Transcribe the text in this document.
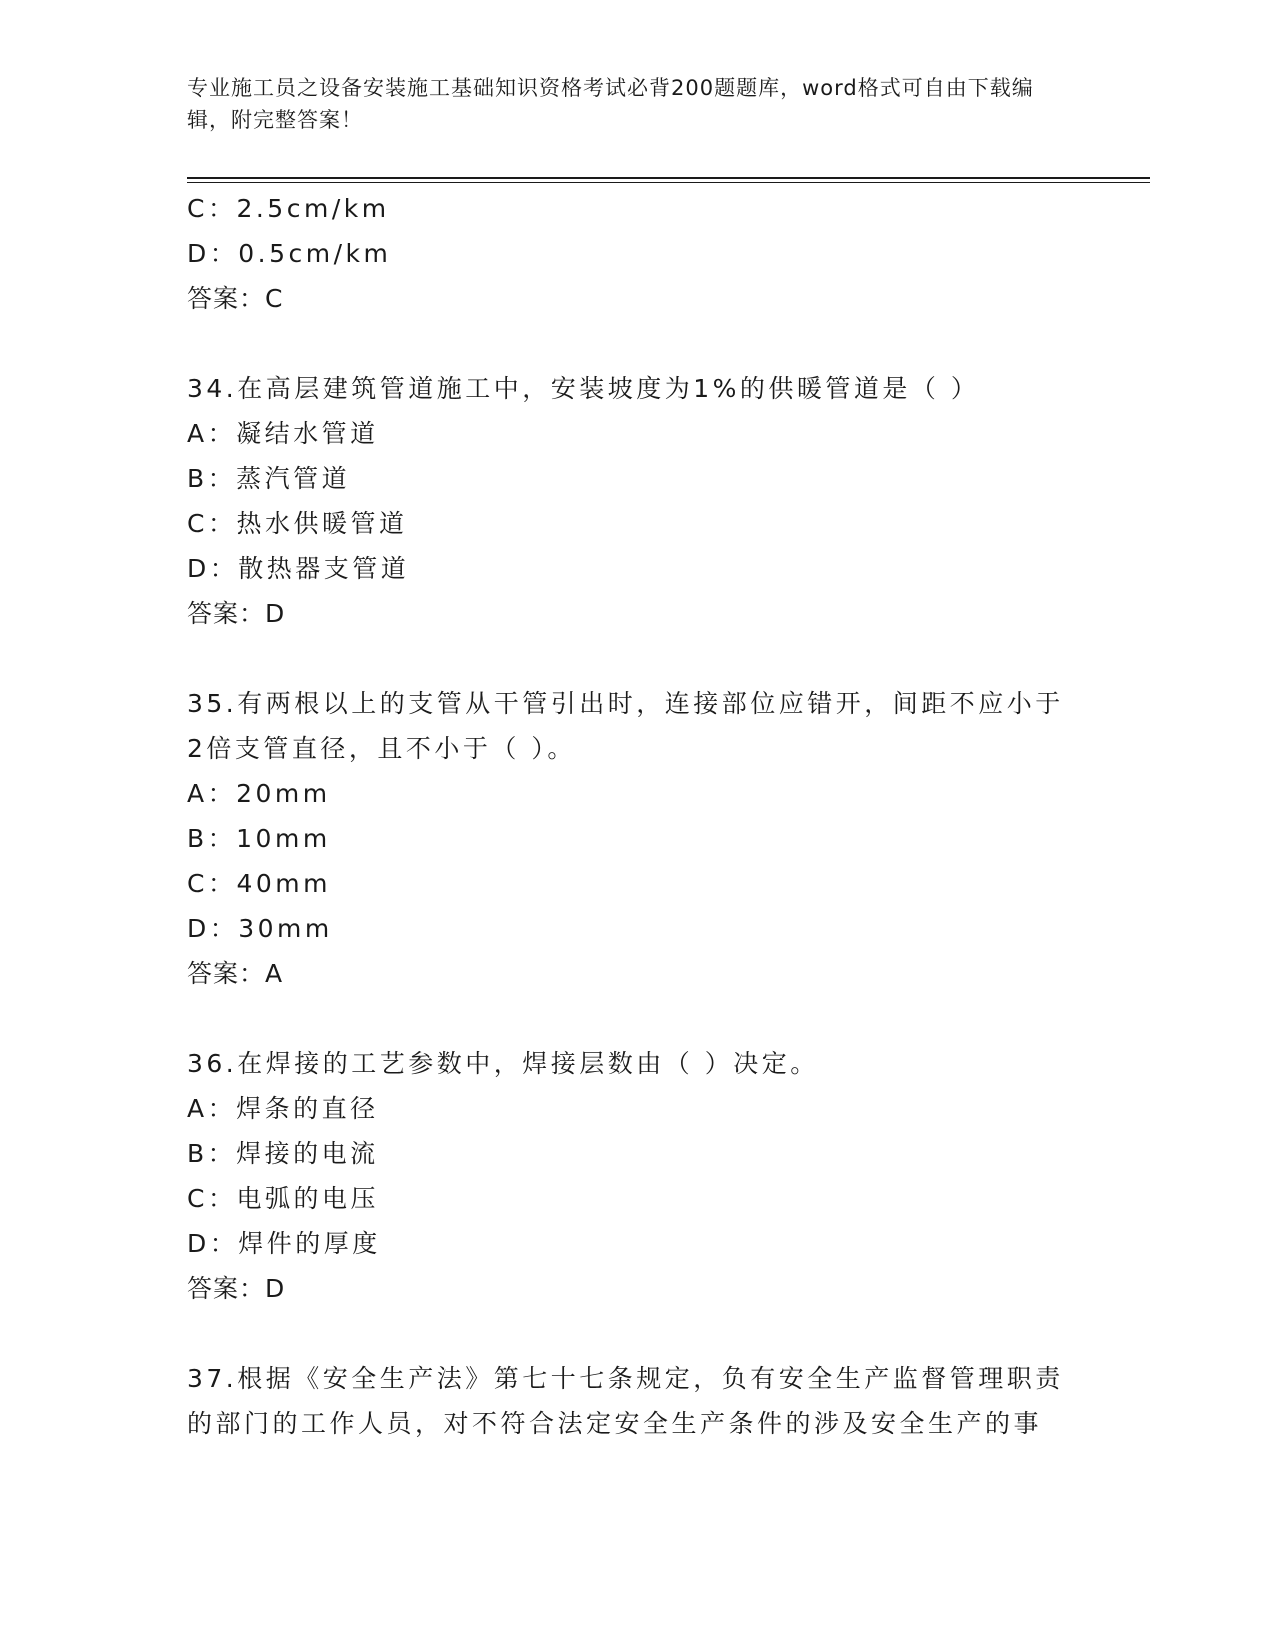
专业施工员之设备安装施工基础知识资格考试必背200题题库，word格式可自由下载编辑，附完整答案！
C：2.5cm/km
D：0.5cm/km
答案：C
34.在高层建筑管道施工中，安装坡度为1%的供暖管道是（ ）
A：凝结水管道
B：蒸汽管道
C：热水供暖管道
D：散热器支管道
答案：D
35.有两根以上的支管从干管引出时，连接部位应错开，间距不应小于
2倍支管直径，且不小于（ ）。
A：20mm
B：10mm
C：40mm
D：30mm
答案：A
36.在焊接的工艺参数中，焊接层数由（ ）决定。
A：焊条的直径
B：焊接的电流
C：电弧的电压
D：焊件的厚度
答案：D
37.根据《安全生产法》第七十七条规定，负有安全生产监督管理职责
的部门的工作人员，对不符合法定安全生产条件的涉及安全生产的事
